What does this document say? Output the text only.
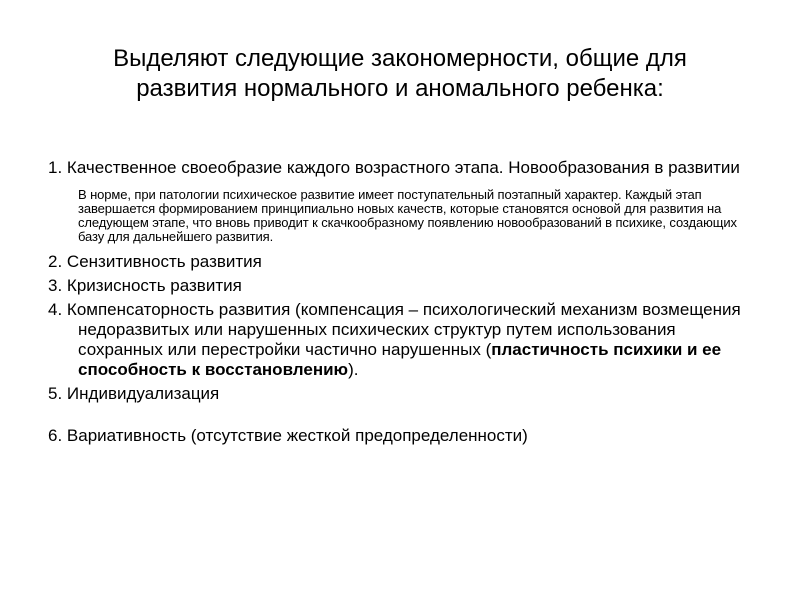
Выделяют следующие закономерности, общие для
развития нормального и аномального ребенка:

1. Качественное своеобразие каждого возрастного этапа. Новообразования в развитии

В норме, при патологии психическое развитие имеет поступательный поэтапный характер. Каждый этап завершается формированием принципиально новых качеств, которые становятся основой для развития на следующем этапе, что вновь приводит к скачкообразному появлению новообразований в психике, создающих базу для дальнейшего развития.

2. Сензитивность развития

3. Кризисность развития

4. Компенсаторность развития (компенсация – психологический механизм возмещения недоразвитых или нарушенных психических структур путем использования сохранных или перестройки частично нарушенных (пластичность психики и ее способность к восстановлению).

5. Индивидуализация

6. Вариативность (отсутствие жесткой предопределенности)
